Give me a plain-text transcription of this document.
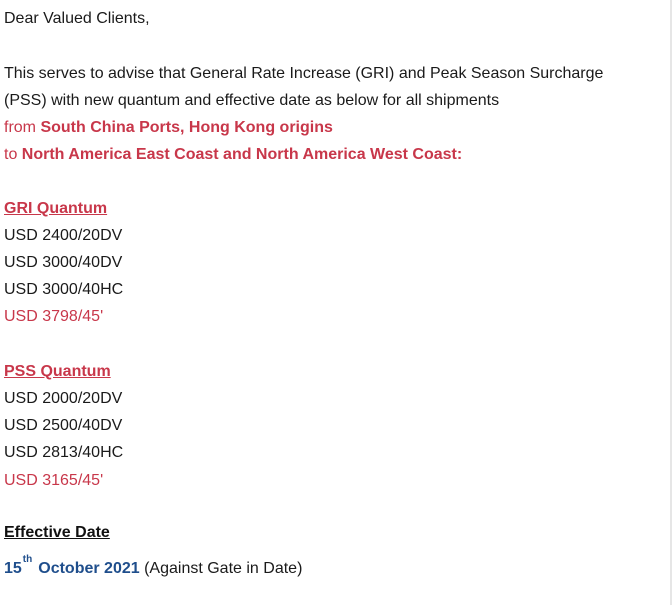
Dear Valued Clients,
This serves to advise that General Rate Increase (GRI) and Peak Season Surcharge
(PSS) with new quantum and effective date as below for all shipments
from South China Ports, Hong Kong origins
to North America East Coast and North America West Coast:
GRI Quantum
USD 2400/20DV
USD 3000/40DV
USD 3000/40HC
USD 3798/45'
PSS Quantum
USD 2000/20DV
USD 2500/40DV
USD 2813/40HC
USD 3165/45'
Effective Date
15thOctober 2021 (Against Gate in Date)
